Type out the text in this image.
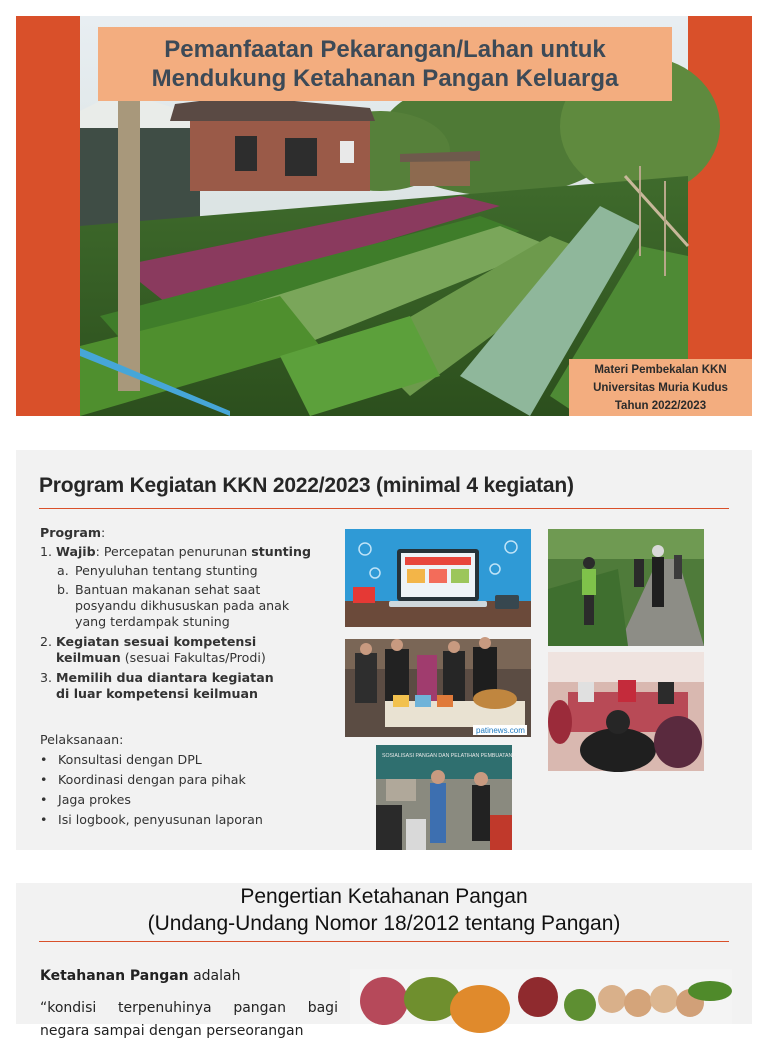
Pemanfaatan Pekarangan/Lahan untuk
Mendukung Ketahanan Pangan Keluarga
Materi Pembekalan KKN
Universitas Muria Kudus
Tahun 2022/2023
Program Kegiatan KKN 2022/2023 (minimal 4 kegiatan)
Program:
1. Wajib: Percepatan penurunan stunting
a. Penyuluhan tentang stunting
b. Bantuan makanan sehat saat posyandu dikhususkan pada anak yang terdampak stuning
2. Kegiatan sesuai kompetensi keilmuan (sesuai Fakultas/Prodi)
3. Memilih dua diantara kegiatan di luar kompetensi keilmuan
Pelaksanaan:
• Konsultasi dengan DPL
• Koordinasi dengan para pihak
• Jaga prokes
• Isi logbook, penyusunan laporan
patinews.com
SOSIALISASI PANGAN DAN PELATIHAN PEMBUATAN...
Pengertian Ketahanan Pangan
(Undang-Undang Nomor 18/2012 tentang Pangan)
Ketahanan Pangan adalah
“kondisi terpenuhinya pangan bagi
negara sampai dengan perseorangan
